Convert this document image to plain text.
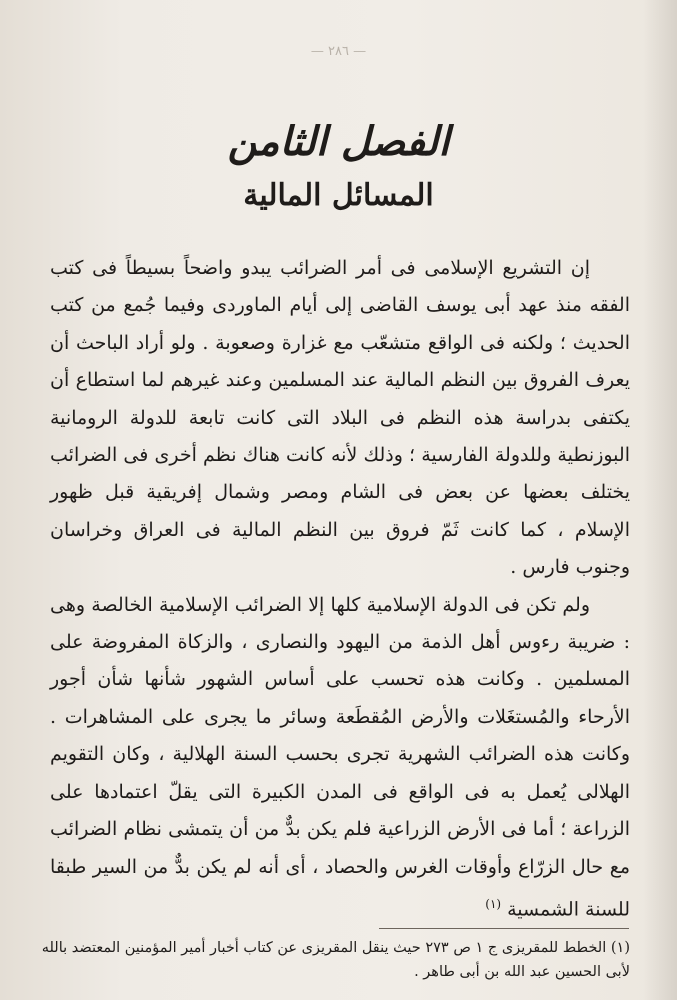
— ٢٨٦ —
الفصل الثامن
المسائل المالية

إن التشريع الإسلامى فى أمر الضرائب يبدو واضحاً بسيطاً فى كتب الفقه منذ عهد أبى يوسف القاضى إلى أيام الماوردى وفيما جُمع من كتب الحديث ؛ ولكنه فى الواقع متشعّب مع غزارة وصعوبة . ولو أراد الباحث أن يعرف الفروق بين النظم المالية عند المسلمين وعند غيرهم لما استطاع أن يكتفى بدراسة هذه النظم فى البلاد التى كانت تابعة للدولة الرومانية البوزنطية وللدولة الفارسية ؛ وذلك لأنه كانت هناك نظم أخرى فى الضرائب يختلف بعضها عن بعض فى الشام ومصر وشمال إفريقية قبل ظهور الإسلام ، كما كانت ثَمّ فروق بين النظم المالية فى العراق وخراسان وجنوب فارس .

ولم تكن فى الدولة الإسلامية كلها إلا الضرائب الإسلامية الخالصة وهى : ضريبة رءوس أهل الذمة من اليهود والنصارى ، والزكاة المفروضة على المسلمين . وكانت هذه تحسب على أساس الشهور شأنها شأن أجور الأرحاء والمُستغَلات والأرض المُقطَعة وسائر ما يجرى على المشاهرات . وكانت هذه الضرائب الشهرية تجرى بحسب السنة الهلالية ، وكان التقويم الهلالى يُعمل به فى الواقع فى المدن الكبيرة التى يقلّ اعتمادها على الزراعة ؛ أما فى الأرض الزراعية فلم يكن بدٌّ من أن يتمشى نظام الضرائب مع حال الزرّاع وأوقات الغرس والحصاد ، أى أنه لم يكن بدٌّ من السير طبقا للسنة الشمسية $^{(١)}$

(١) الخطط للمقريزى ج ١ ص ٢٧٣ حيث ينقل المقريزى عن كتاب أخبار أمير المؤمنين المعتضد بالله لأبى الحسين عبد الله بن أبى طاهر .
